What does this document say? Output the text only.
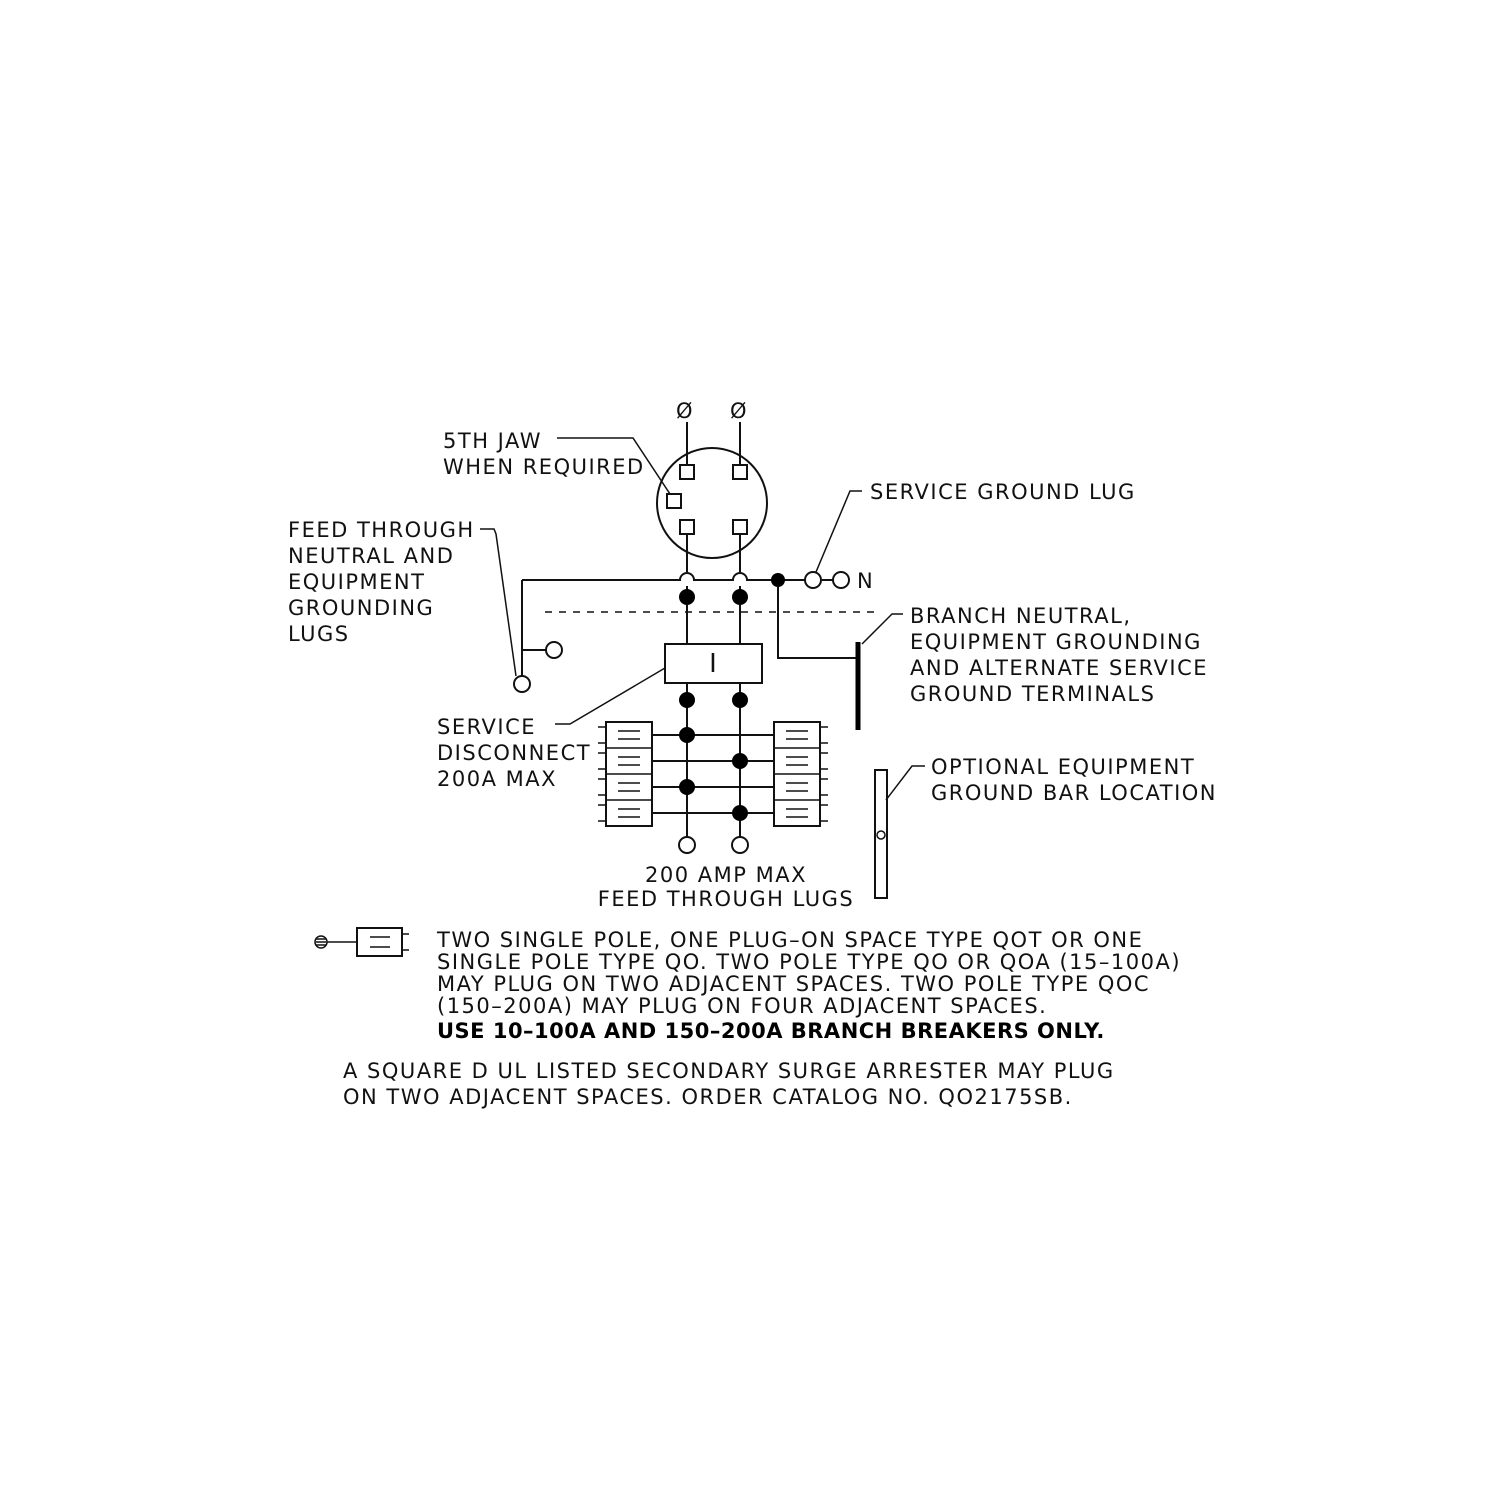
Ø Ø
5TH JAW
WHEN REQUIRED
N
SERVICE GROUND LUG
FEED THROUGH
NEUTRAL AND
EQUIPMENT
GROUNDING
LUGS
BRANCH NEUTRAL,
EQUIPMENT GROUNDING
AND ALTERNATE SERVICE
GROUND TERMINALS
I
SERVICE
DISCONNECT
200A MAX
200 AMP MAX
FEED THROUGH LUGS
OPTIONAL EQUIPMENT
GROUND BAR LOCATION
TWO SINGLE POLE, ONE PLUG–ON SPACE TYPE QOT OR ONE
SINGLE POLE TYPE QO. TWO POLE TYPE QO OR QOA (15–100A)
MAY PLUG ON TWO ADJACENT SPACES. TWO POLE TYPE QOC
(150–200A) MAY PLUG ON FOUR ADJACENT SPACES.
USE 10–100A AND 150–200A BRANCH BREAKERS ONLY.
A SQUARE D UL LISTED SECONDARY SURGE ARRESTER MAY PLUG
ON TWO ADJACENT SPACES. ORDER CATALOG NO. QO2175SB.
